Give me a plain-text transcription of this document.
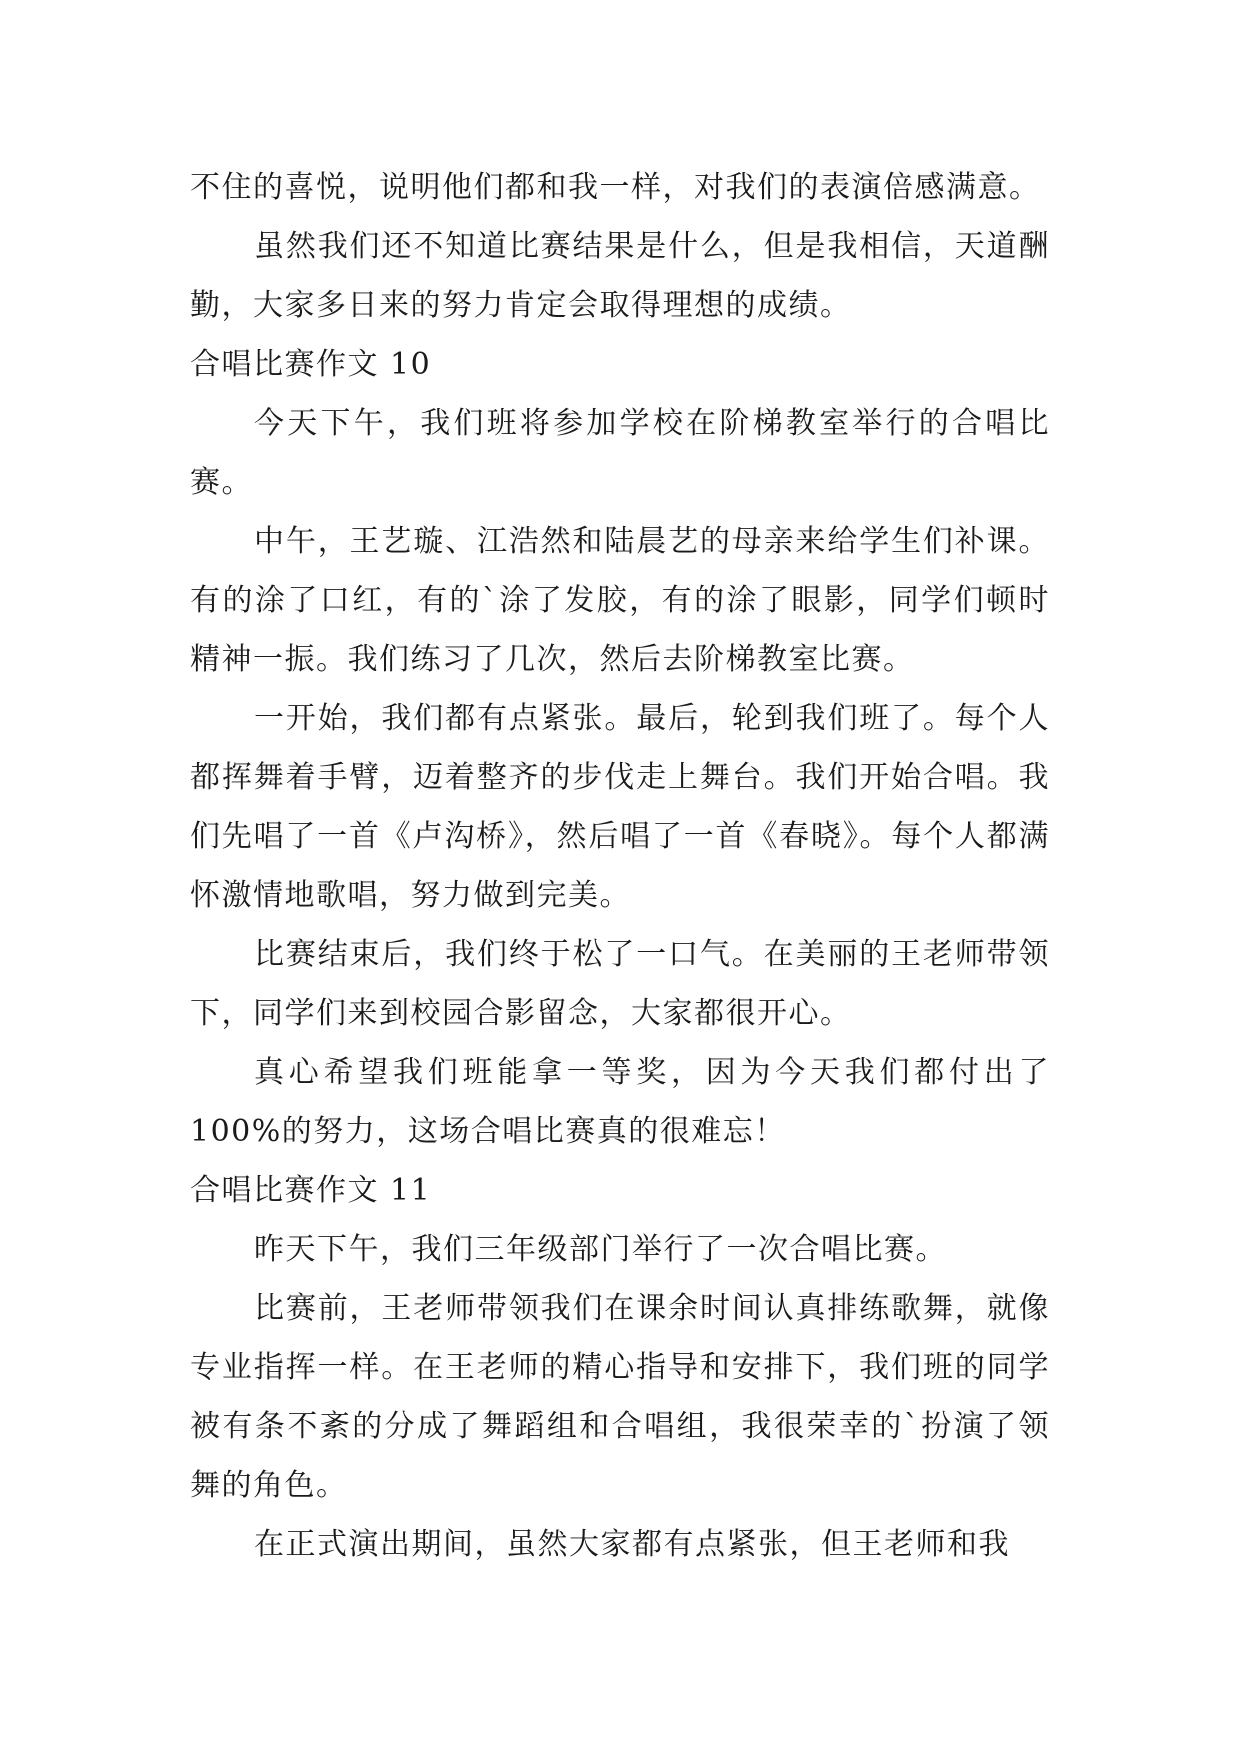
不住的喜悦，说明他们都和我一样，对我们的表演倍感满意。

虽然我们还不知道比赛结果是什么，但是我相信，天道酬勤，大家多日来的努力肯定会取得理想的成绩。

合唱比赛作文 10

今天下午，我们班将参加学校在阶梯教室举行的合唱比赛。

中午，王艺璇、江浩然和陆晨艺的母亲来给学生们补课。有的涂了口红，有的`涂了发胶，有的涂了眼影，同学们顿时精神一振。我们练习了几次，然后去阶梯教室比赛。

一开始，我们都有点紧张。最后，轮到我们班了。每个人都挥舞着手臂，迈着整齐的步伐走上舞台。我们开始合唱。我们先唱了一首《卢沟桥》，然后唱了一首《春晓》。每个人都满怀激情地歌唱，努力做到完美。

比赛结束后，我们终于松了一口气。在美丽的王老师带领下，同学们来到校园合影留念，大家都很开心。

真心希望我们班能拿一等奖，因为今天我们都付出了100%的努力，这场合唱比赛真的很难忘！

合唱比赛作文 11

昨天下午，我们三年级部门举行了一次合唱比赛。

比赛前，王老师带领我们在课余时间认真排练歌舞，就像专业指挥一样。在王老师的精心指导和安排下，我们班的同学被有条不紊的分成了舞蹈组和合唱组，我很荣幸的`扮演了领舞的角色。

在正式演出期间，虽然大家都有点紧张，但王老师和我
